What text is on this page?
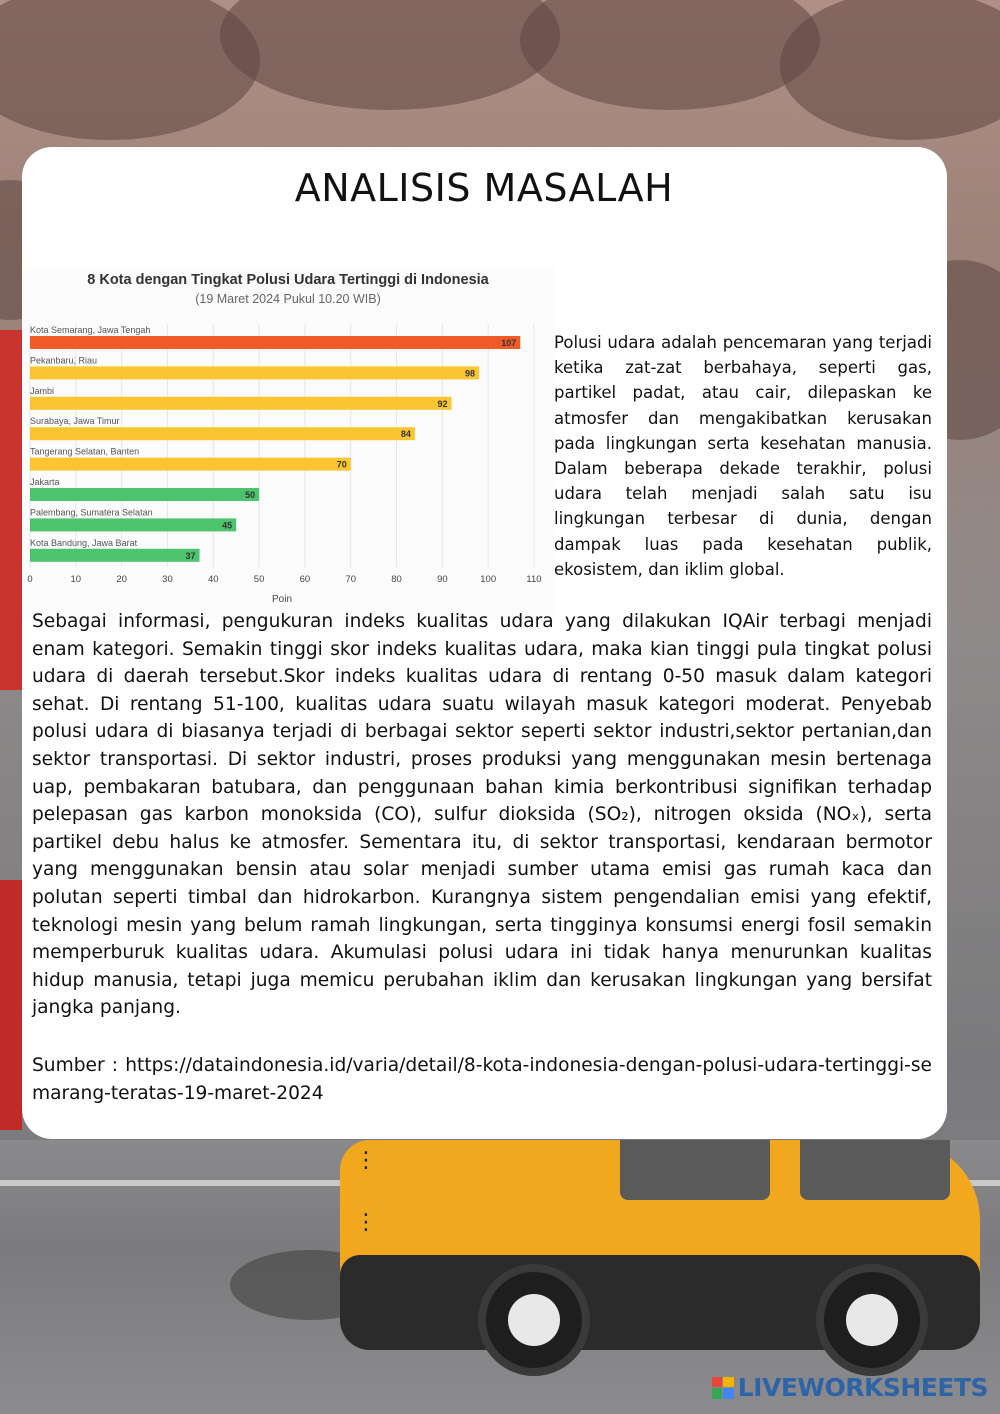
⋮
⋮
ANALISIS MASALAH
8 Kota dengan Tingkat Polusi Udara Tertinggi di Indonesia
(19 Maret 2024 Pukul 10.20 WIB)
0	10	20	30	40	50	60	70	80	90	100	110
Kota Semarang, Jawa Tengah
107
Pekanbaru, Riau
98
Jambi
92
Surabaya, Jawa Timur
84
Tangerang Selatan, Banten
70
Jakarta
50
Palembang, Sumatera Selatan
45
Kota Bandung, Jawa Barat
37
Poin

Polusi udara adalah pencemaran yang terjadi ketika zat-zat berbahaya, seperti gas, partikel padat, atau cair, dilepaskan ke atmosfer dan mengakibatkan kerusakan pada lingkungan serta kesehatan manusia. Dalam beberapa dekade terakhir, polusi udara telah menjadi salah satu isu lingkungan terbesar di dunia, dengan dampak luas pada kesehatan publik, ekosistem, dan iklim global.

Sebagai informasi, pengukuran indeks kualitas udara yang dilakukan IQAir terbagi menjadi enam kategori. Semakin tinggi skor indeks kualitas udara, maka kian tinggi pula tingkat polusi udara di daerah tersebut.Skor indeks kualitas udara di rentang 0-50 masuk dalam kategori sehat. Di rentang 51-100, kualitas udara suatu wilayah masuk kategori moderat. Penyebab polusi udara di biasanya terjadi di berbagai sektor seperti sektor industri,sektor pertanian,dan sektor transportasi. Di sektor industri, proses produksi yang menggunakan mesin bertenaga uap, pembakaran batubara, dan penggunaan bahan kimia berkontribusi signifikan terhadap pelepasan gas karbon monoksida (CO), sulfur dioksida (SO₂), nitrogen oksida (NOₓ), serta partikel debu halus ke atmosfer. Sementara itu, di sektor transportasi, kendaraan bermotor yang menggunakan bensin atau solar menjadi sumber utama emisi gas rumah kaca dan polutan seperti timbal dan hidrokarbon. Kurangnya sistem pengendalian emisi yang efektif, teknologi mesin yang belum ramah lingkungan, serta tingginya konsumsi energi fosil semakin memperburuk kualitas udara. Akumulasi polusi udara ini tidak hanya menurunkan kualitas hidup manusia, tetapi juga memicu perubahan iklim dan kerusakan lingkungan yang bersifat jangka panjang.

Sumber : https://dataindonesia.id/varia/detail/8-kota-indonesia-dengan-polusi-udara-tertinggi-semarang-teratas-19-maret-2024

LIVEWORKSHEETS
